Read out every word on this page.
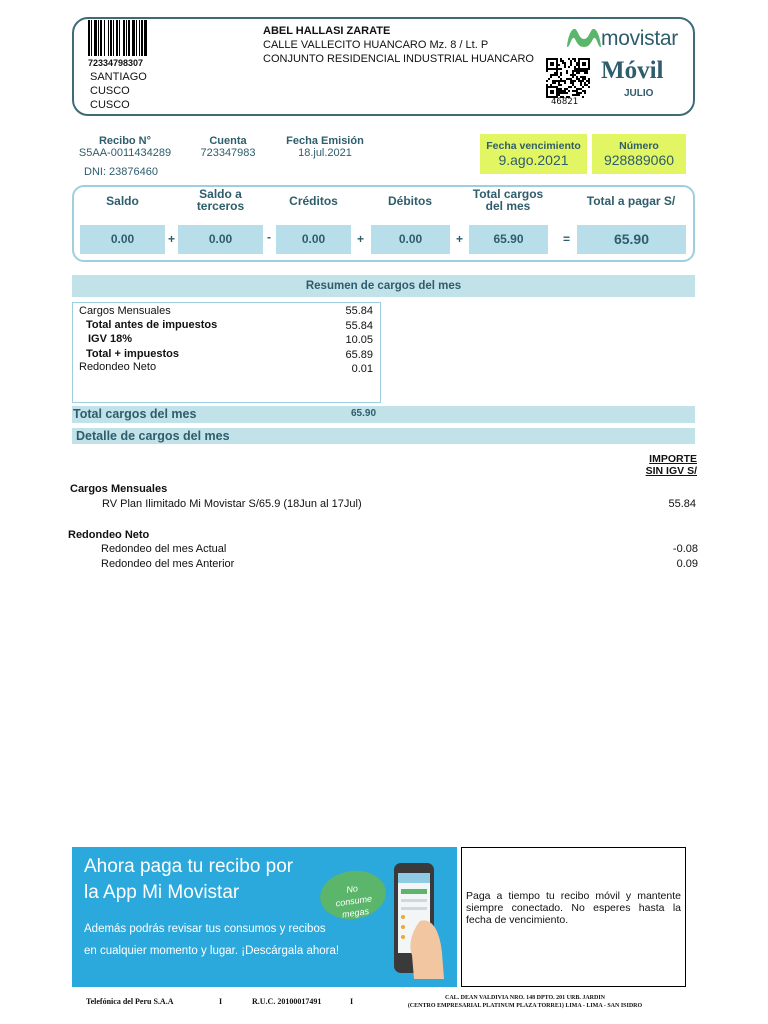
72334798307
SANTIAGO
CUSCO
CUSCO
ABEL HALLASI ZARATE
CALLE VALLECITO HUANCARO Mz. 8 / Lt. P
CONJUNTO RESIDENCIAL INDUSTRIAL HUANCARO
46821
movistar
Móvil
JULIO
Recibo N°
S5AA-0011434289
Cuenta
723347983
Fecha Emisión
18.jul.2021
DNI: 23876460
Fecha vencimiento
9.ago.2021
Número
928889060
Saldo	Saldo a terceros	Créditos	Débitos	Total cargos del mes	Total a pagar S/
0.00	0.00	0.00	0.00	65.90	65.90
+	-	+	+	=
Resumen de cargos del mes
Cargos Mensuales	55.84
Total antes de impuestos	55.84
IGV 18%	10.05
Total + impuestos	65.89
Redondeo Neto	0.01
Total cargos del mes	65.90
Detalle de cargos del mes
IMPORTE
SIN IGV S/
Cargos Mensuales
RV Plan Ilimitado Mi Movistar S/65.9 (18Jun al 17Jul)	55.84
Redondeo Neto
Redondeo del mes Actual	-0.08
Redondeo del mes Anterior	0.09
Ahora paga tu recibo por
la App Mi Movistar
Además podrás revisar tus consumos y recibos
en cualquier momento y lugar. ¡Descárgala ahora!
No consume megas
Paga a tiempo tu recibo móvil y mantente siempre conectado. No esperes hasta la fecha de vencimiento.
Telefónica del Peru S.A.A	I	R.U.C. 20100017491	I	CAL. DEAN VALDIVIA NRO. 148 DPTO. 201 URB. JARDIN
(CENTRO EMPRESARIAL PLATINUM PLAZA TORRE1) LIMA - LIMA - SAN ISIDRO
